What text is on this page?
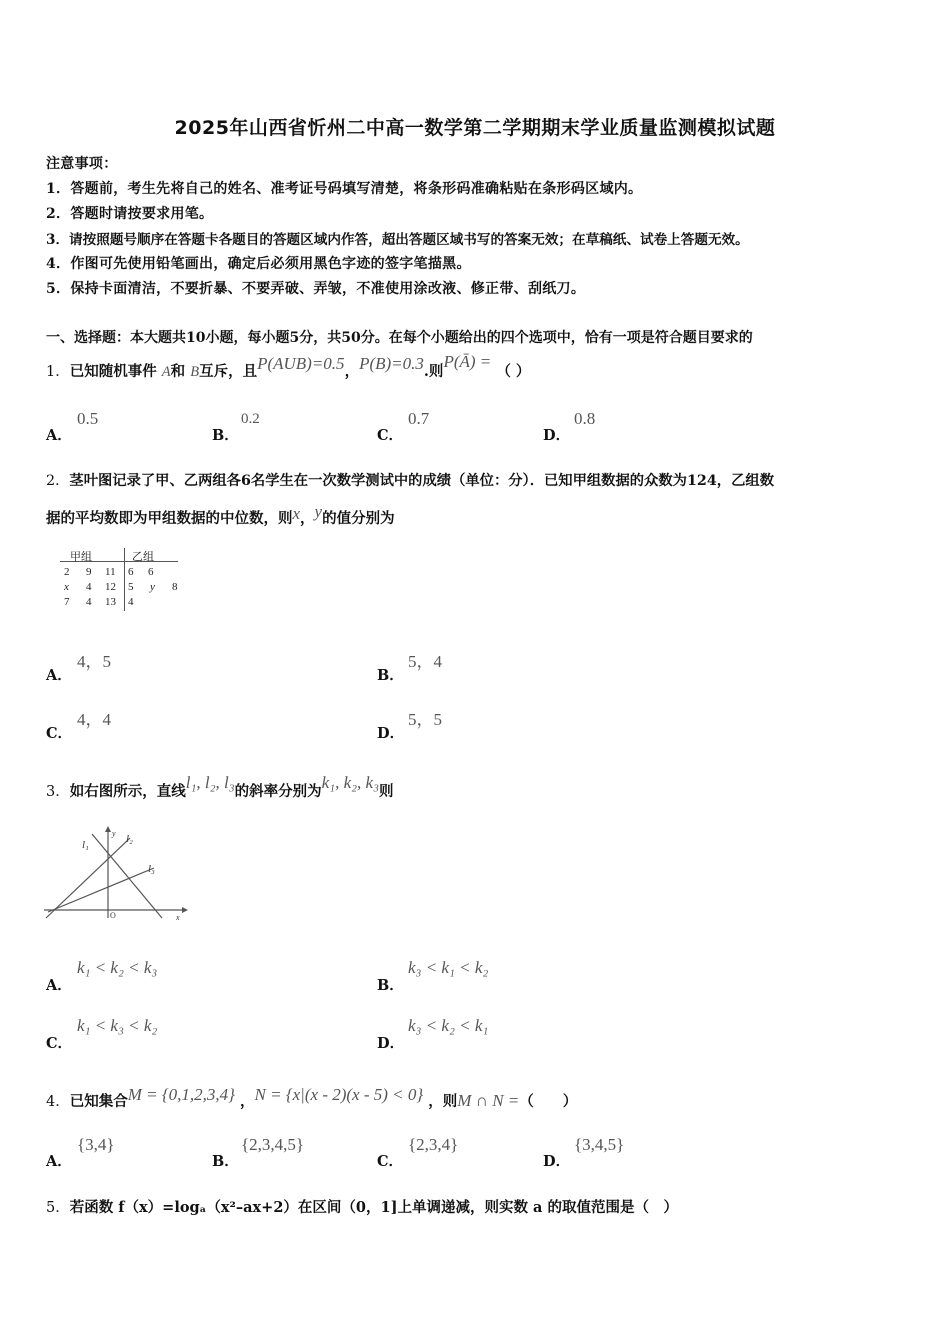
2025年山西省忻州二中高一数学第二学期期末学业质量监测模拟试题
注意事项：
1．答题前，考生先将自己的姓名、准考证号码填写清楚，将条形码准确粘贴在条形码区域内。
2．答题时请按要求用笔。
3．请按照题号顺序在答题卡各题目的答题区域内作答，超出答题区域书写的答案无效；在草稿纸、试卷上答题无效。
4．作图可先使用铅笔画出，确定后必须用黑色字迹的签字笔描黑。
5．保持卡面清洁，不要折暴、不要弄破、弄皱，不准使用涂改液、修正带、刮纸刀。
一、选择题：本大题共10小题，每小题5分，共50分。在每个小题给出的四个选项中，恰有一项是符合题目要求的
1．已知随机事件 A和 B互斥，且P(AUB)=0.5，P(B)=0.3.则P(Ā) = （ ）
A．
0.5
B．
0.2
C．
0.7
D．
0.8
2．茎叶图记录了甲、乙两组各6名学生在一次数学测试中的成绩（单位：分）．已知甲组数据的众数为124，乙组数
据的平均数即为甲组数据的中位数，则x，y的值分别为
甲组	乙组
2 9 11 6 6
x 4 12 5 y 8
7 4 13 4
A．
4，5
B．
5，4
C．
4，4
D．
5，5
3．如右图所示，直线l₁, l₂, l₃的斜率分别为k₁, k₂, k₃则
l₁	l₂
l₃
y
x
O
A．
k₁ < k₂ < k₃
B．
k₃ < k₁ < k₂
C．
k₁ < k₃ < k₂
D．
k₃ < k₂ < k₁
4．已知集合M = {0,1,2,3,4} ，N = {x|(x - 2)(x - 5) < 0} ，则M ∩ N =（　　）
A．
{3,4}
B．
{2,3,4,5}
C．
{2,3,4}
D．
{3,4,5}
5．若函数 f（x）=logₐ（x²–ax+2）在区间（0，1]上单调递减，则实数 a 的取值范围是（　）
